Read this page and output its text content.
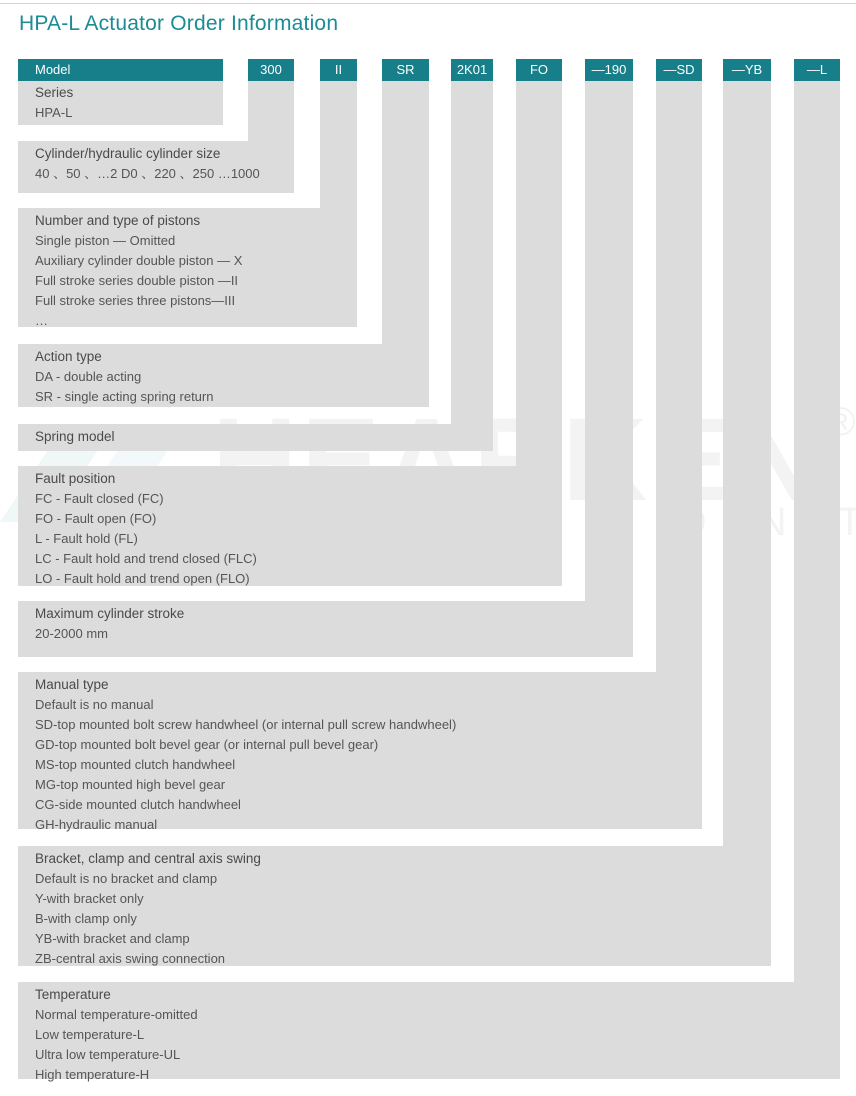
HPA-L Actuator Order Information
®
Series
HPA-L
Cylinder/hydraulic cylinder size
40 、50 、…2 D0 、220 、250 …1000
Number and type of pistons
Single piston — Omitted
Auxiliary cylinder double piston — X
Full stroke series double piston —II
Full stroke series three pistons—III
…
Action type
DA - double acting
SR - single acting spring return
Spring model
Fault position
FC - Fault closed (FC)
FO - Fault open (FO)
L - Fault hold (FL)
LC - Fault hold and trend closed (FLC)
LO - Fault hold and trend open (FLO)
Maximum cylinder stroke
20-2000 mm
Manual type
Default is no manual
SD-top mounted bolt screw handwheel (or internal pull screw handwheel)
GD-top mounted bolt bevel gear (or internal pull bevel gear)
MS-top mounted clutch handwheel
MG-top mounted high bevel gear
CG-side mounted clutch handwheel
GH-hydraulic manual
Bracket, clamp and central axis swing
Default is no bracket and clamp
Y-with bracket only
B-with clamp only
YB-with bracket and clamp
ZB-central axis swing connection
Temperature
Normal temperature-omitted
Low temperature-L
Ultra low temperature-UL
High temperature-H
Model	300	II	SR	2K01	FO	—190	—SD	—YB	—L
